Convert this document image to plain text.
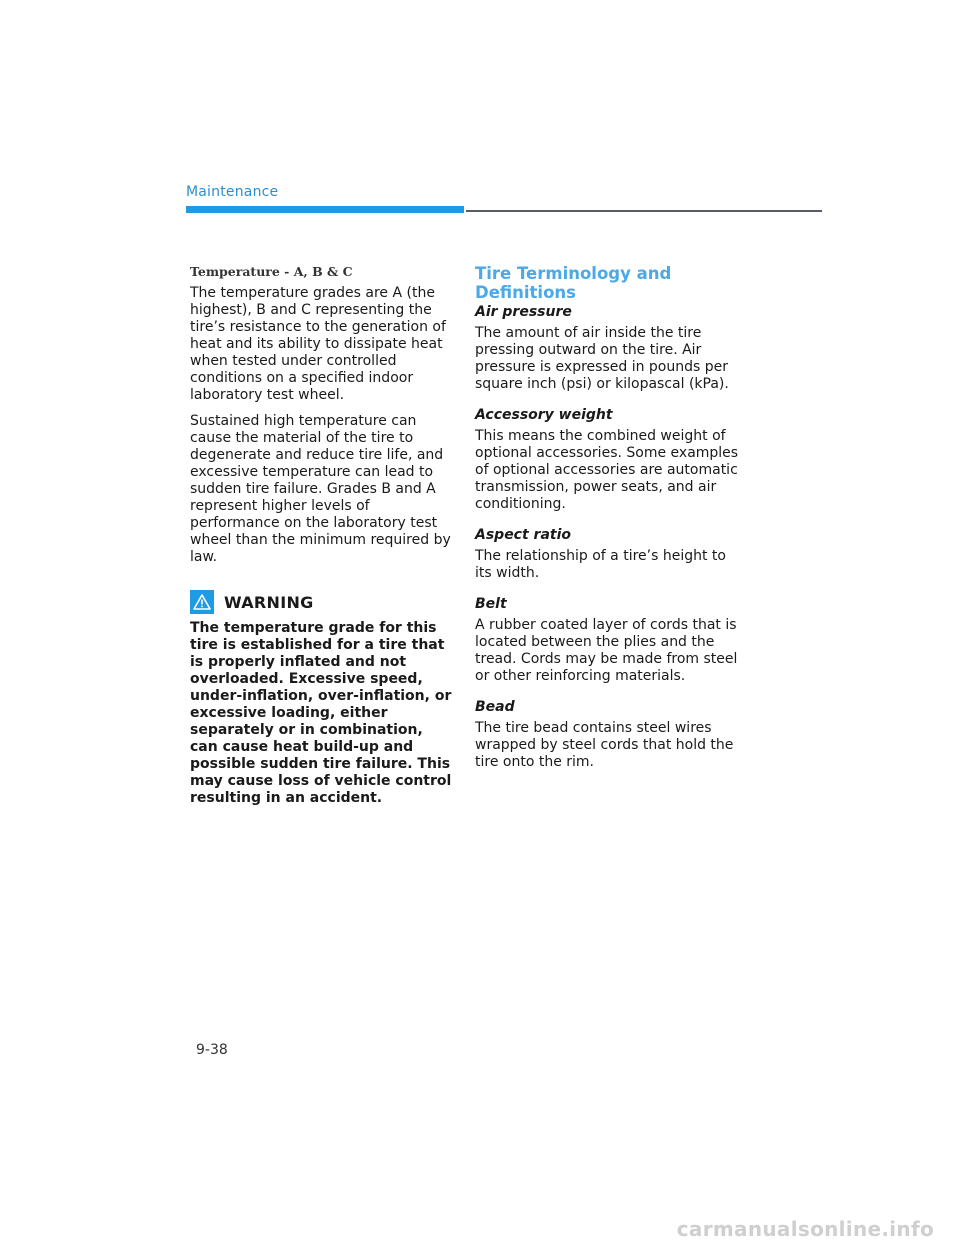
Maintenance
Temperature - A, B & C

The temperature grades are A (the highest), B and C representing the tire’s resistance to the generation of heat and its ability to dissipate heat when tested under controlled conditions on a specified indoor laboratory test wheel.

Sustained high temperature can cause the material of the tire to degenerate and reduce tire life, and excessive temperature can lead to sudden tire failure. Grades B and A represent higher levels of performance on the laboratory test wheel than the minimum required by law.

WARNING

The temperature grade for this tire is established for a tire that is properly inflated and not overloaded. Excessive speed, under-inflation, over-inflation, or excessive loading, either separately or in combination, can cause heat build-up and possible sudden tire failure. This may cause loss of vehicle control resulting in an accident.

Tire Terminology and Definitions
Air pressure

The amount of air inside the tire pressing outward on the tire. Air pressure is expressed in pounds per square inch (psi) or kilopascal (kPa).

Accessory weight

This means the combined weight of optional accessories. Some examples of optional accessories are automatic transmission, power seats, and air conditioning.

Aspect ratio

The relationship of a tire’s height to its width.

Belt

A rubber coated layer of cords that is located between the plies and the tread. Cords may be made from steel or other reinforcing materials.

Bead

The tire bead contains steel wires wrapped by steel cords that hold the tire onto the rim.

9-38
carmanualsonline.info
